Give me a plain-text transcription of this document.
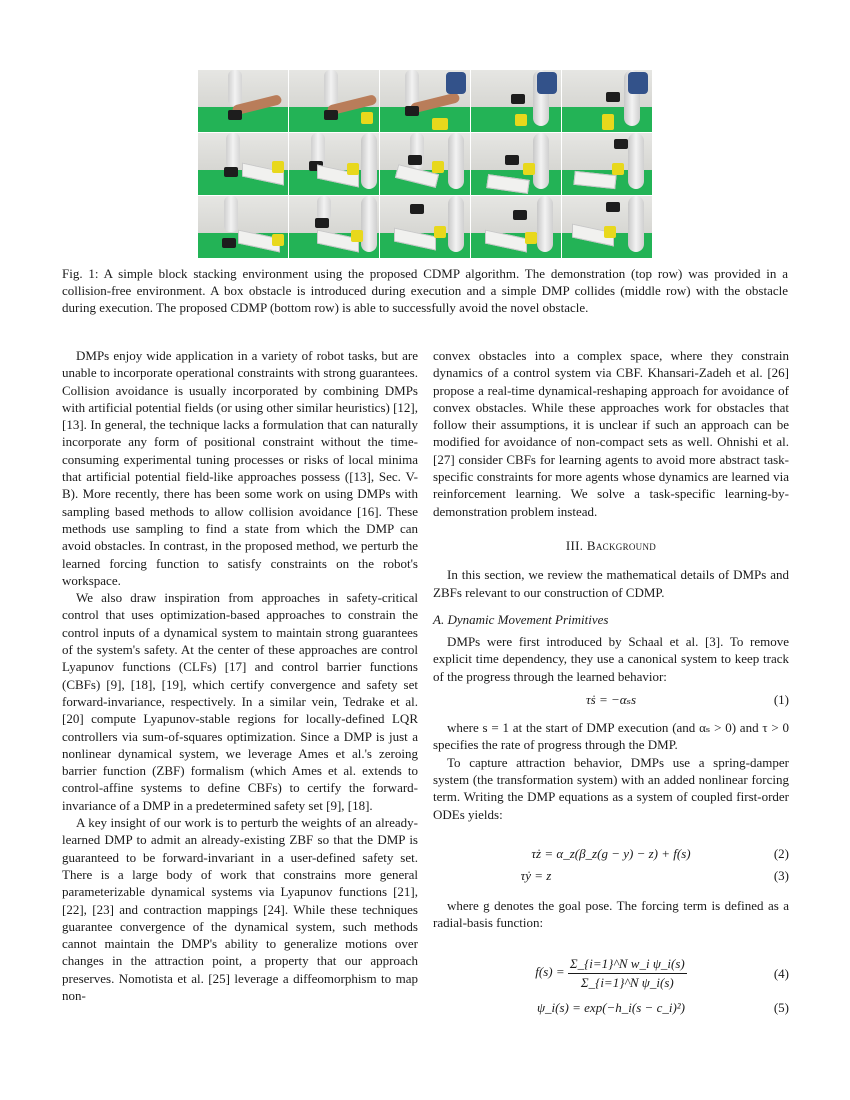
Fig. 1: A simple block stacking environment using the proposed CDMP algorithm. The demonstration (top row) was provided in a collision-free environment. A box obstacle is introduced during execution and a simple DMP collides (middle row) with the obstacle during execution. The proposed CDMP (bottom row) is able to successfully avoid the novel obstacle.

DMPs enjoy wide application in a variety of robot tasks, but are unable to incorporate operational constraints with strong guarantees. Collision avoidance is usually incorporated by combining DMPs with artificial potential fields (or using other similar heuristics) [12], [13]. In general, the technique lacks a formulation that can naturally incorporate any form of positional constraint without the time-consuming experimental tuning processes or risks of local minima that artificial potential field-like approaches possess ([13], Sec. V-B). More recently, there has been some work on using DMPs with sampling based methods to allow collision avoidance [16]. These methods use sampling to find a state from which the DMP can avoid obstacles. In contrast, in the proposed method, we perturb the learned forcing function to satisfy constraints on the robot's workspace.

We also draw inspiration from approaches in safety-critical control that uses optimization-based approaches to constrain the control inputs of a dynamical system to maintain strong guarantees of the system's safety. At the center of these approaches are control Lyapunov functions (CLFs) [17] and control barrier functions (CBFs) [9], [18], [19], which certify convergence and safety set forward-invariance, respectively. In a similar vein, Tedrake et al. [20] compute Lyapunov-stable regions for locally-defined LQR controllers via sum-of-squares optimization. Since a DMP is just a nonlinear dynamical system, we leverage Ames et al.'s zeroing barrier function (ZBF) formalism (which Ames et al. extends to control-affine systems to define CBFs) to certify the forward-invariance of a DMP in a predetermined safety set [9], [18].

A key insight of our work is to perturb the weights of an already-learned DMP to admit an already-existing ZBF so that the DMP is guaranteed to be forward-invariant in a user-defined safety set. There is a large body of work that constrains more general parameterizable dynamical systems via Lyapunov functions [21], [22], [23] and contraction mappings [24]. While these techniques guarantee convergence of the dynamical system, such methods cannot maintain the DMP's ability to generalize motions over changes in the attraction point, a property that our approach preserves. Nomotista et al. [25] leverage a diffeomorphism to map non-

convex obstacles into a complex space, where they constrain dynamics of a control system via CBF. Khansari-Zadeh et al. [26] propose a real-time dynamical-reshaping approach for avoidance of convex obstacles. While these approaches work for obstacles that follow their assumptions, it is unclear if such an approach can be modified for avoidance of non-compact sets as well. Ohnishi et al. [27] consider CBFs for learning agents to avoid more abstract task-specific constraints for more agents whose dynamics are learned via reinforcement learning. We solve a task-specific learning-by-demonstration problem instead.

III. Background

In this section, we review the mathematical details of DMPs and ZBFs relevant to our construction of CDMP.

A. Dynamic Movement Primitives

DMPs were first introduced by Schaal et al. [3]. To remove explicit time dependency, they use a canonical system to keep track of the progress through the learned behavior:

τṡ = −αₛs	(1)

where s = 1 at the start of DMP execution (and αₛ > 0) and τ > 0 specifies the rate of progress through the DMP.

To capture attraction behavior, DMPs use a spring-damper system (the transformation system) with an added nonlinear forcing term. Writing the DMP equations as a system of coupled first-order ODEs yields:

τż = α_z(β_z(g − y) − z) + f(s)	(2)
τẏ = z	(3)

where g denotes the goal pose. The forcing term is defined as a radial-basis function:

$f(s) = \frac{\text{Σ\_\{i=1\}\textasciicircum{}N w\_i ψ\_i(s)}}{\text{Σ\_\{i=1\}\textasciicircum{}N ψ\_i(s)}}$	(4)
ψ_i(s) = exp(−h_i(s − c_i)²)	(5)
